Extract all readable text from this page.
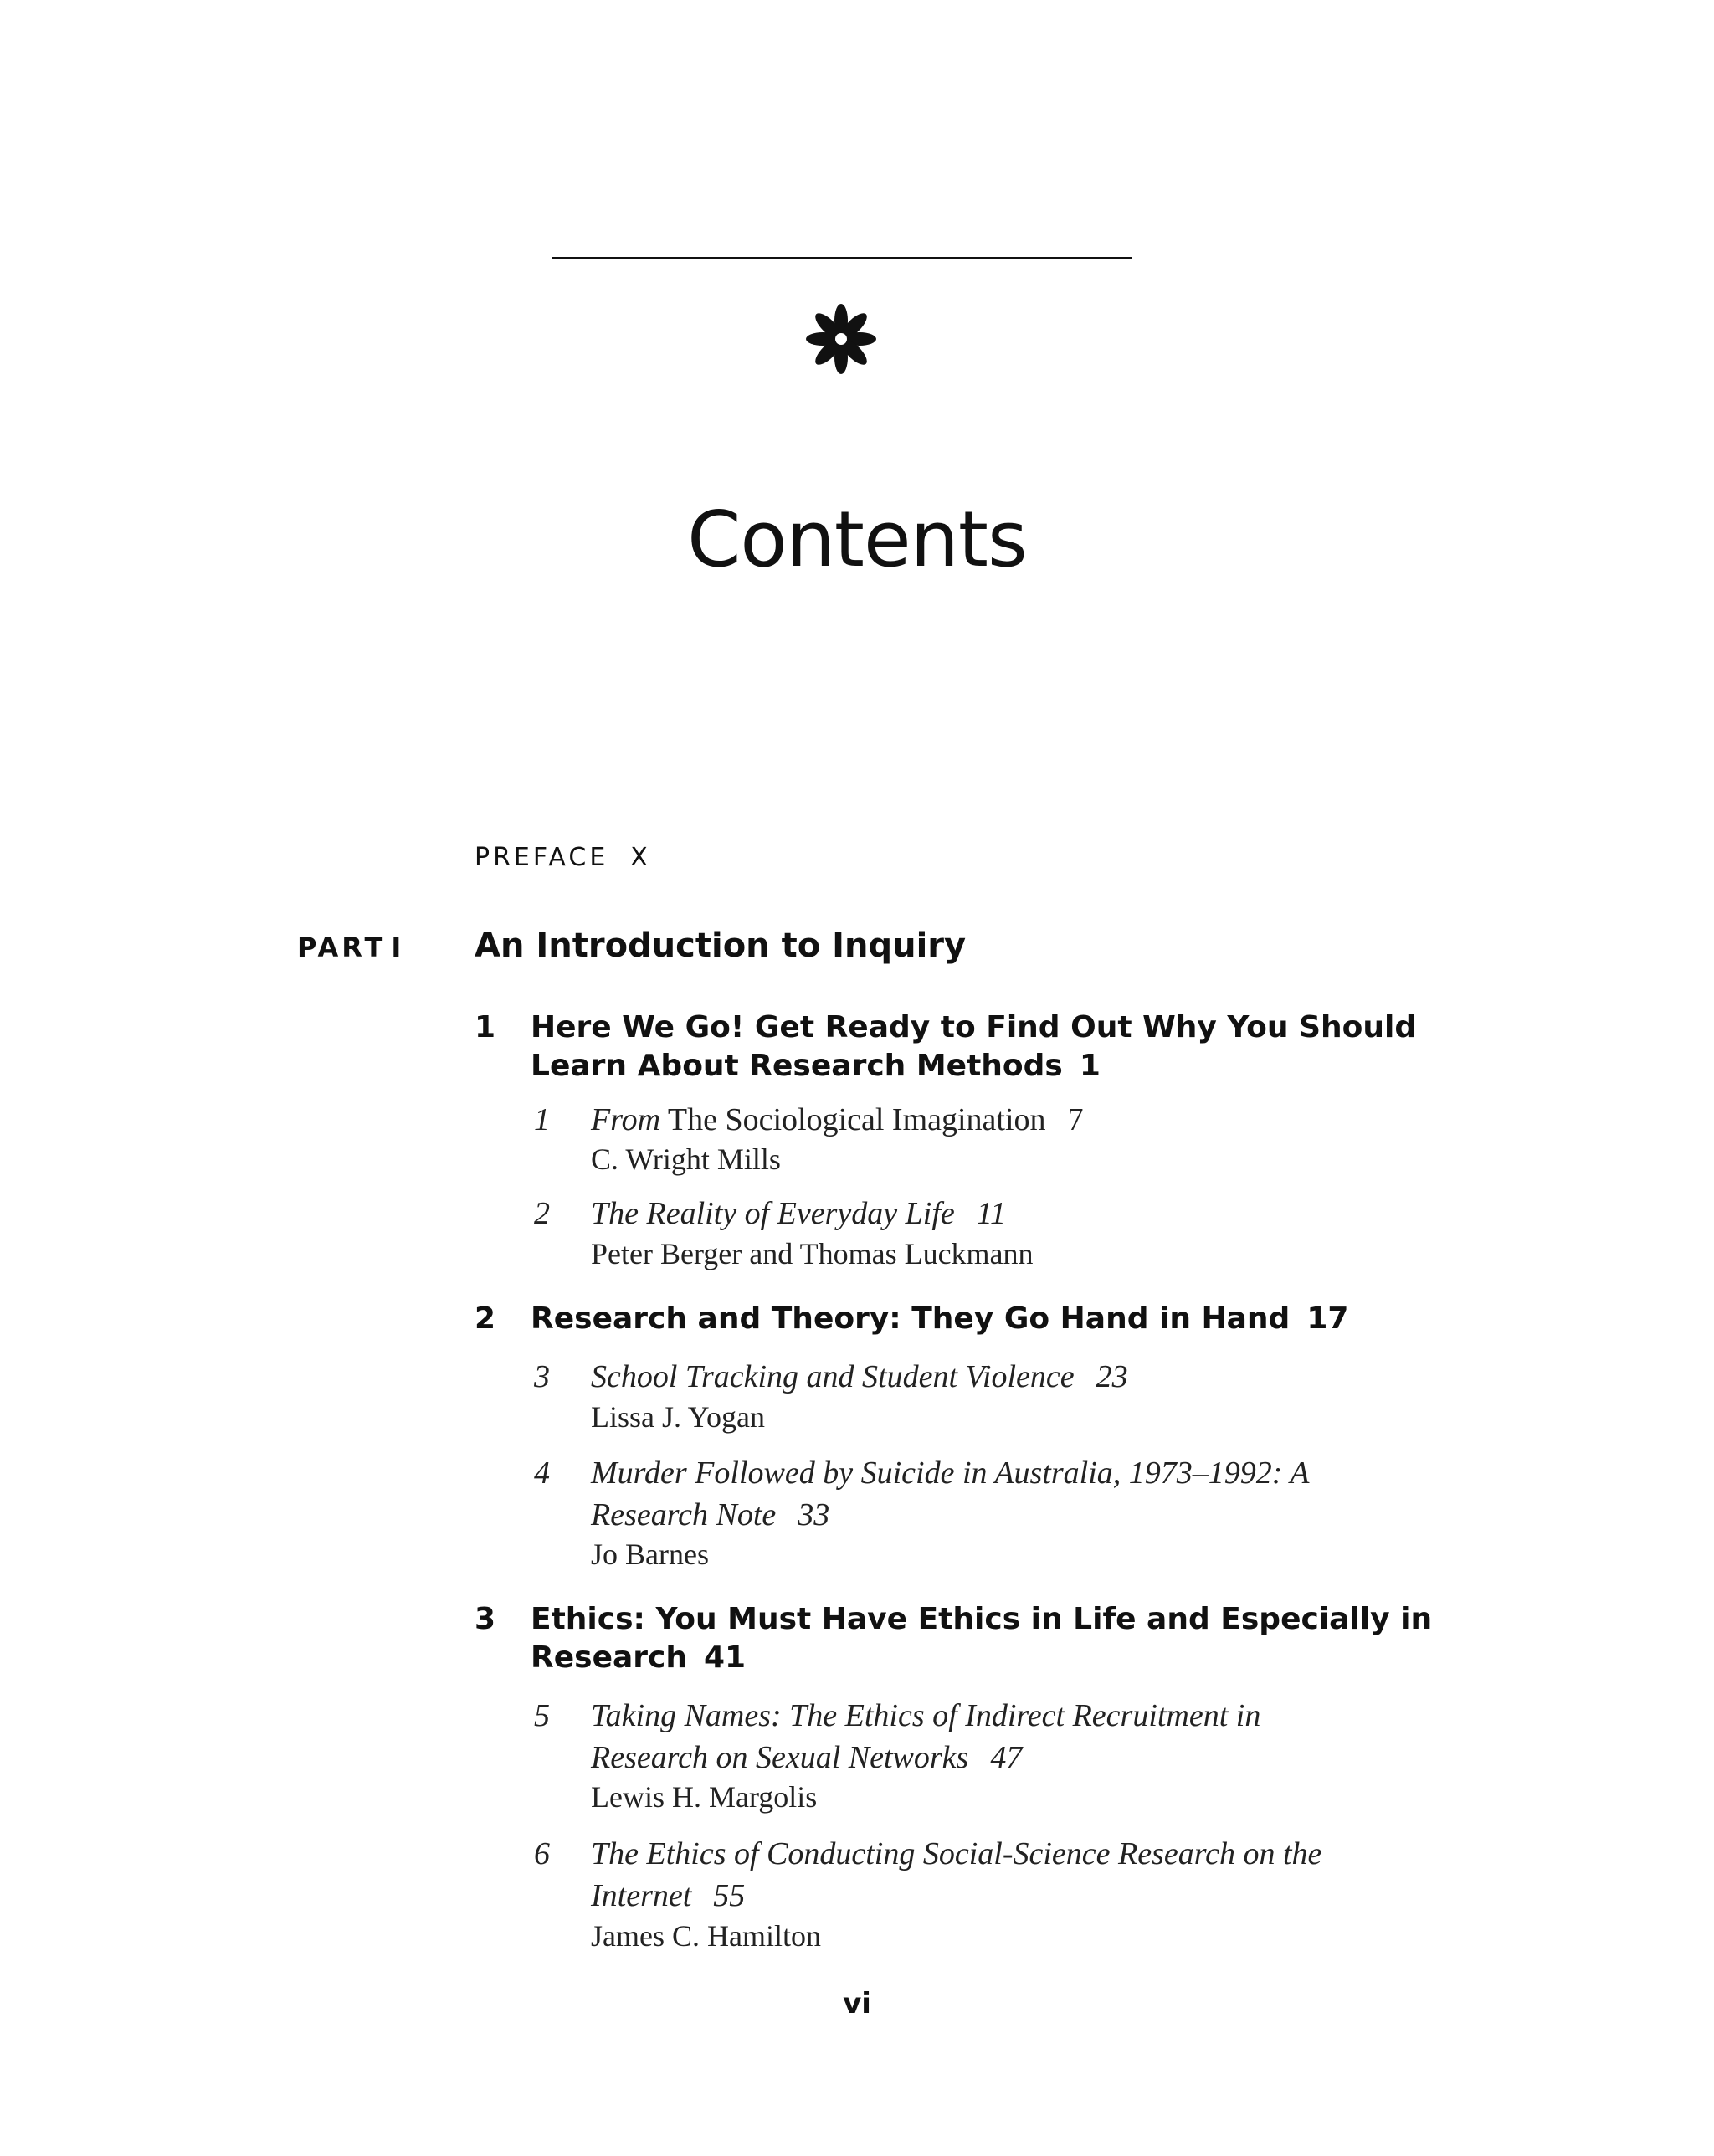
Contents
PREFACE X
PART I An Introduction to Inquiry
1 Here We Go! Get Ready to Find Out Why You Should Learn About Research Methods 1
1 From The Sociological Imagination 7
C. Wright Mills
2 The Reality of Everyday Life 11
Peter Berger and Thomas Luckmann
2 Research and Theory: They Go Hand in Hand 17
3 School Tracking and Student Violence 23
Lissa J. Yogan
4 Murder Followed by Suicide in Australia, 1973–1992: A Research Note 33
Jo Barnes
3 Ethics: You Must Have Ethics in Life and Especially in Research 41
5 Taking Names: The Ethics of Indirect Recruitment in Research on Sexual Networks 47
Lewis H. Margolis
6 The Ethics of Conducting Social-Science Research on the Internet 55
James C. Hamilton
vi
